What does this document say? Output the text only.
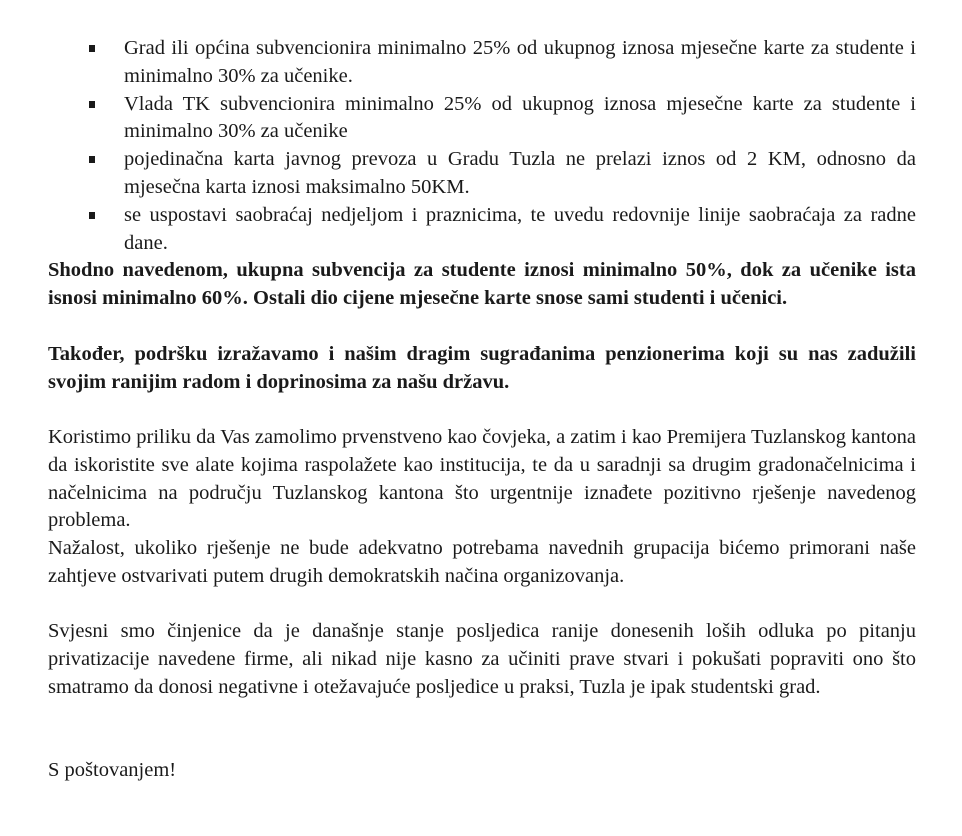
Grad ili općina subvencionira minimalno 25% od ukupnog iznosa mjesečne karte za studente i minimalno 30% za učenike.
Vlada TK subvencionira minimalno 25% od ukupnog iznosa mjesečne karte za studente i minimalno 30% za učenike
pojedinačna karta javnog prevoza u Gradu Tuzla ne prelazi iznos od 2 KM, odnosno da mjesečna karta iznosi maksimalno 50KM.
se uspostavi saobraćaj nedjeljom i praznicima, te uvedu redovnije linije saobraćaja za radne dane.

Shodno navedenom, ukupna subvencija za studente iznosi minimalno 50%, dok za učenike ista isnosi minimalno 60%. Ostali dio cijene mjesečne karte snose sami studenti i učenici.

Također, podršku izražavamo i našim dragim sugrađanima penzionerima koji su nas zadužili svojim ranijim radom i doprinosima za našu državu.

Koristimo priliku da Vas zamolimo prvenstveno kao čovjeka, a zatim i kao Premijera Tuzlanskog kantona da iskoristite sve alate kojima raspolažete kao institucija, te da u saradnji sa drugim gradonačelnicima i načelnicima na području Tuzlanskog kantona što urgentnije iznađete pozitivno rješenje navedenog problema.

Nažalost, ukoliko rješenje ne bude adekvatno potrebama navednih grupacija bićemo primorani naše zahtjeve ostvarivati putem drugih demokratskih načina organizovanja.

Svjesni smo činjenice da je današnje stanje posljedica ranije donesenih loših odluka po pitanju privatizacije navedene firme, ali nikad nije kasno za učiniti prave stvari i pokušati popraviti ono što smatramo da donosi negativne i otežavajuće posljedice u praksi, Tuzla je ipak studentski grad.

S poštovanjem!
